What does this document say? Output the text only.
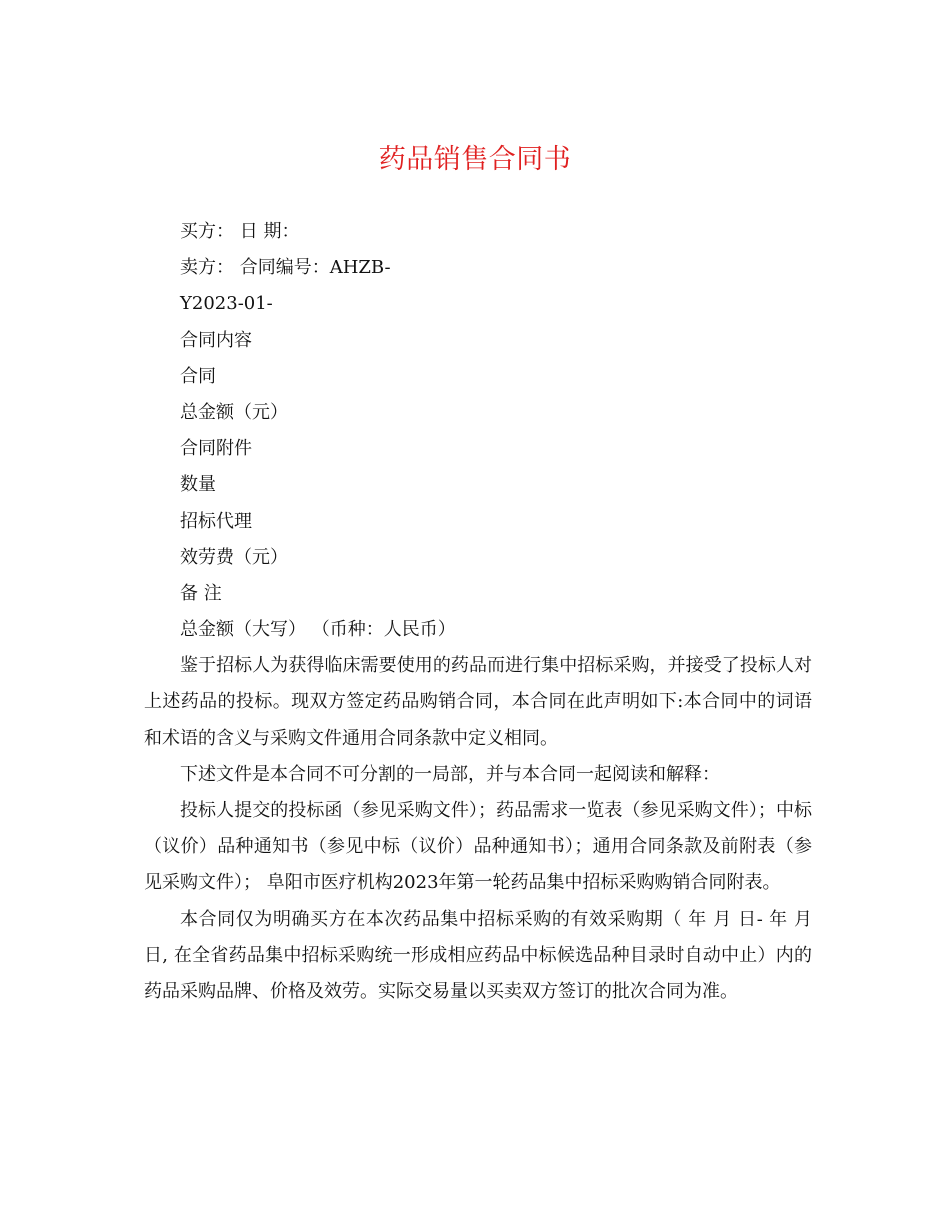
药品销售合同书
买方： 日 期：
卖方： 合同编号：AHZB-
Y2023-01-
合同内容
合同
总金额（元）
合同附件
数量
招标代理
效劳费（元）
备 注
总金额（大写） （币种：人民币）

鉴于招标人为获得临床需要使用的药品而进行集中招标采购，并接受了投标人对上述药品的投标。现双方签定药品购销合同，本合同在此声明如下:本合同中的词语和术语的含义与采购文件通用合同条款中定义相同。

下述文件是本合同不可分割的一局部，并与本合同一起阅读和解释：

投标人提交的投标函（参见采购文件）；药品需求一览表（参见采购文件）；中标（议价）品种通知书（参见中标（议价）品种通知书）；通用合同条款及前附表（参见采购文件）； 阜阳市医疗机构2023年第一轮药品集中招标采购购销合同附表。

本合同仅为明确买方在本次药品集中招标采购的有效采购期（ 年 月 日- 年 月 日, 在全省药品集中招标采购统一形成相应药品中标候选品种目录时自动中止）内的药品采购品牌、价格及效劳。实际交易量以买卖双方签订的批次合同为准。
